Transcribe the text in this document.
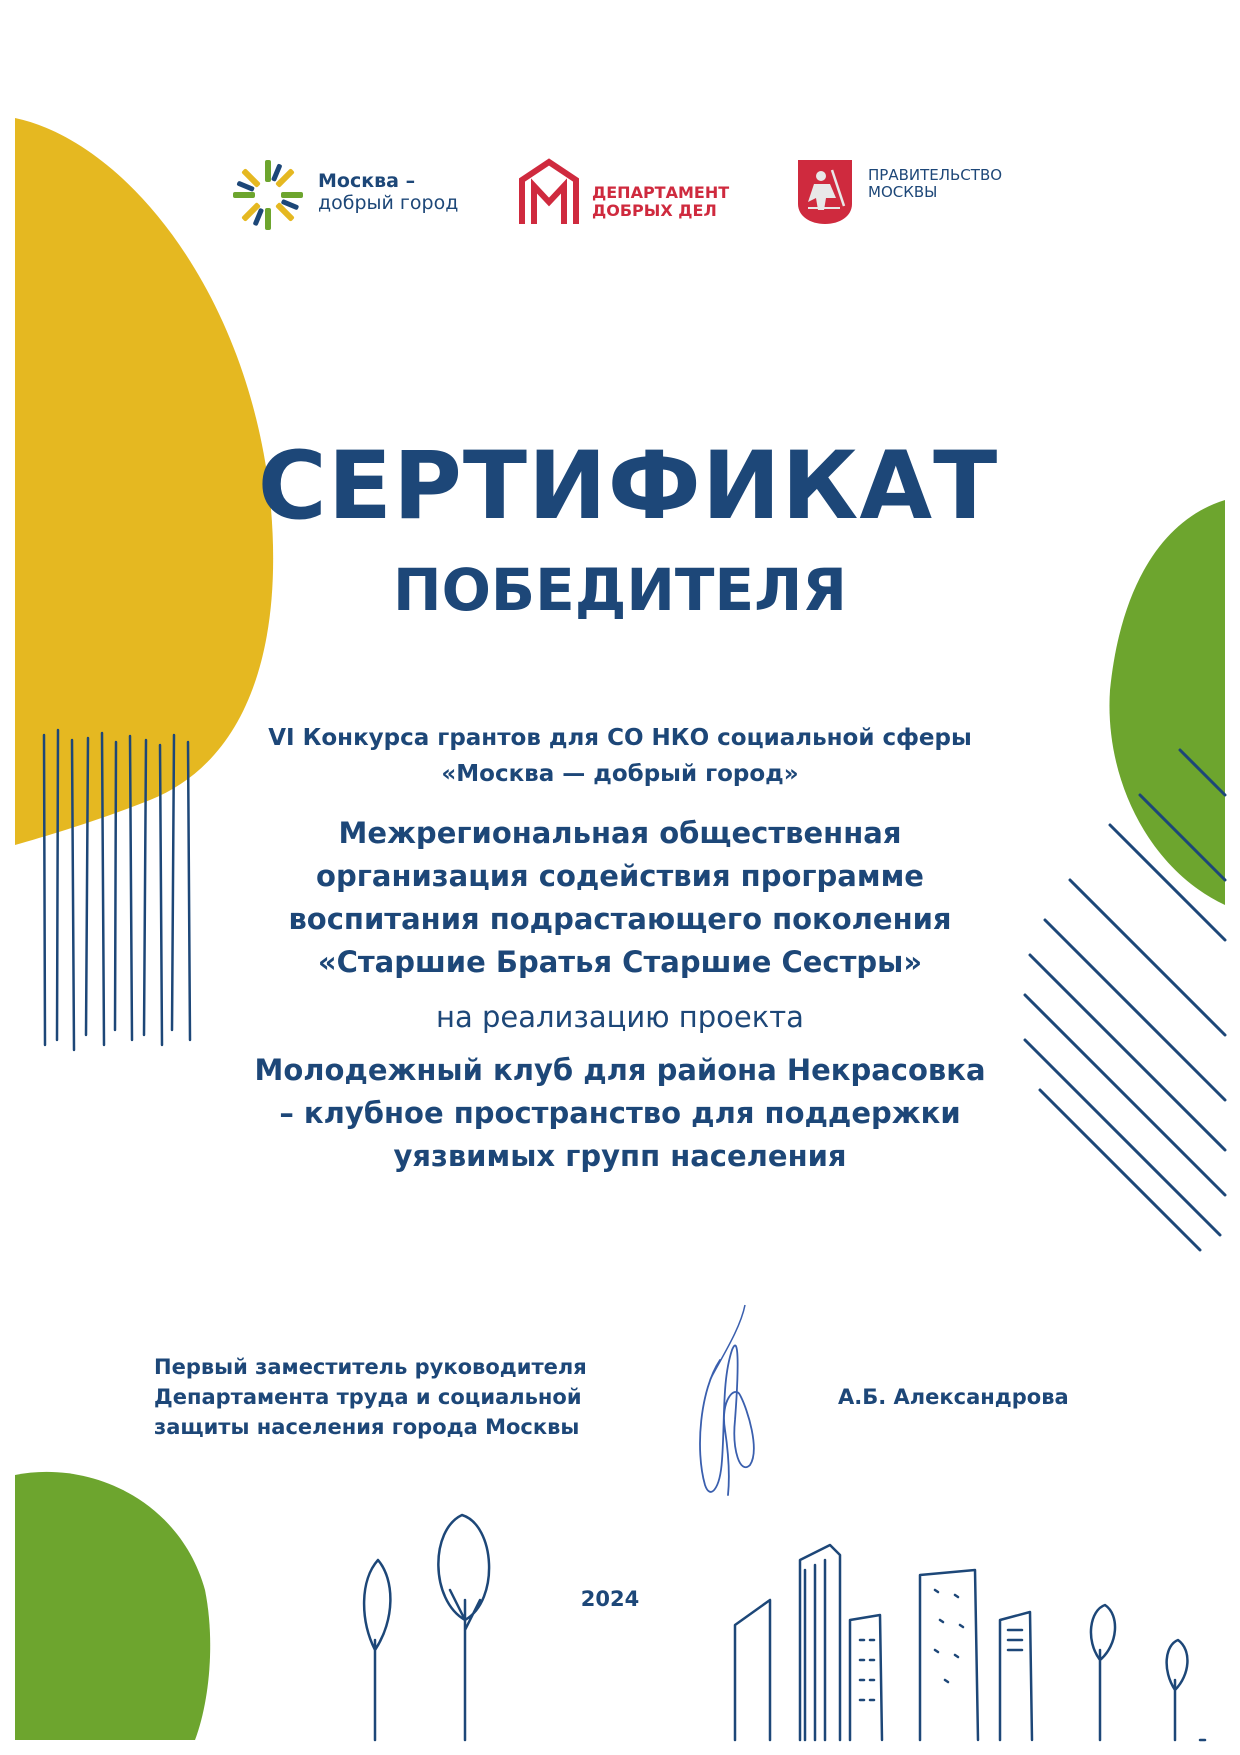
Москва –
добрый город	ДЕПАРТАМЕНТ
ДОБРЫХ ДЕЛ
ПРАВИТЕЛЬСТВО
МОСКВЫ
СЕРТИФИКАТ
ПОБЕДИТЕЛЯ
VI Конкурса грантов для СО НКО социальной сферы
«Москва — добрый город»
Межрегиональная общественная
организация содействия программе
воспитания подрастающего поколения
«Старшие Братья Старшие Сестры»
на реализацию проекта
Молодежный клуб для района Некрасовка
– клубное пространство для поддержки
уязвимых групп населения
Первый заместитель руководителя
Департамента труда и социальной
защиты населения города Москвы
А.Б. Александрова
2024
